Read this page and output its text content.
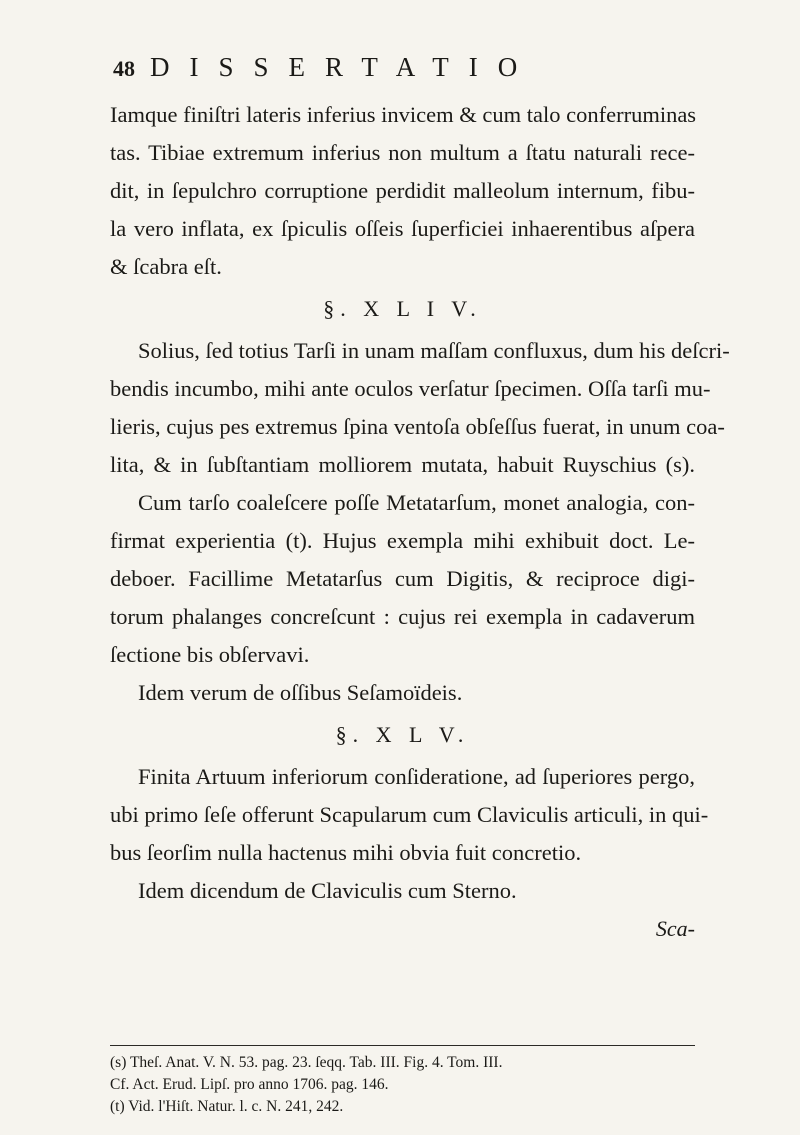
48 DISSERTATIO
Iamque finiſtri lateris inferius invicem & cum talo conferruminas
tas. Tibiae extremum inferius non multum a ſtatu naturali rece-
dit, in ſepulchro corruptione perdidit malleolum internum, fibu-
la vero inflata, ex ſpiculis oſſeis ſuperficiei inhaerentibus aſpera
& ſcabra eſt.
§. X L I V.
Solius, ſed totius Tarſi in unam maſſam confluxus, dum his deſcri-
bendis incumbo, mihi ante oculos verſatur ſpecimen. Oſſa tarſi mu-
lieris, cujus pes extremus ſpina ventoſa obſeſſus fuerat, in unum coa-
lita, & in ſubſtantiam molliorem mutata, habuit Ruyschius (s).
Cum tarſo coaleſcere poſſe Metatarſum, monet analogia, con-
firmat experientia (t). Hujus exempla mihi exhibuit doct. Le-
deboer. Facillime Metatarſus cum Digitis, & reciproce digi-
torum phalanges concreſcunt : cujus rei exempla in cadaverum
ſectione bis obſervavi.
Idem verum de oſſibus Seſamoïdeis.
§. X L V.
Finita Artuum inferiorum conſideratione, ad ſuperiores pergo,
ubi primo ſeſe offerunt Scapularum cum Claviculis articuli, in qui-
bus ſeorſim nulla hactenus mihi obvia fuit concretio.
Idem dicendum de Claviculis cum Sterno.
Sca-
(s) Theſ. Anat. V. N. 53. pag. 23. ſeqq. Tab. III. Fig. 4. Tom. III.
Cf. Act. Erud. Lipſ. pro anno 1706. pag. 146.
(t) Vid. l'Hiſt. Natur. l. c. N. 241, 242.
